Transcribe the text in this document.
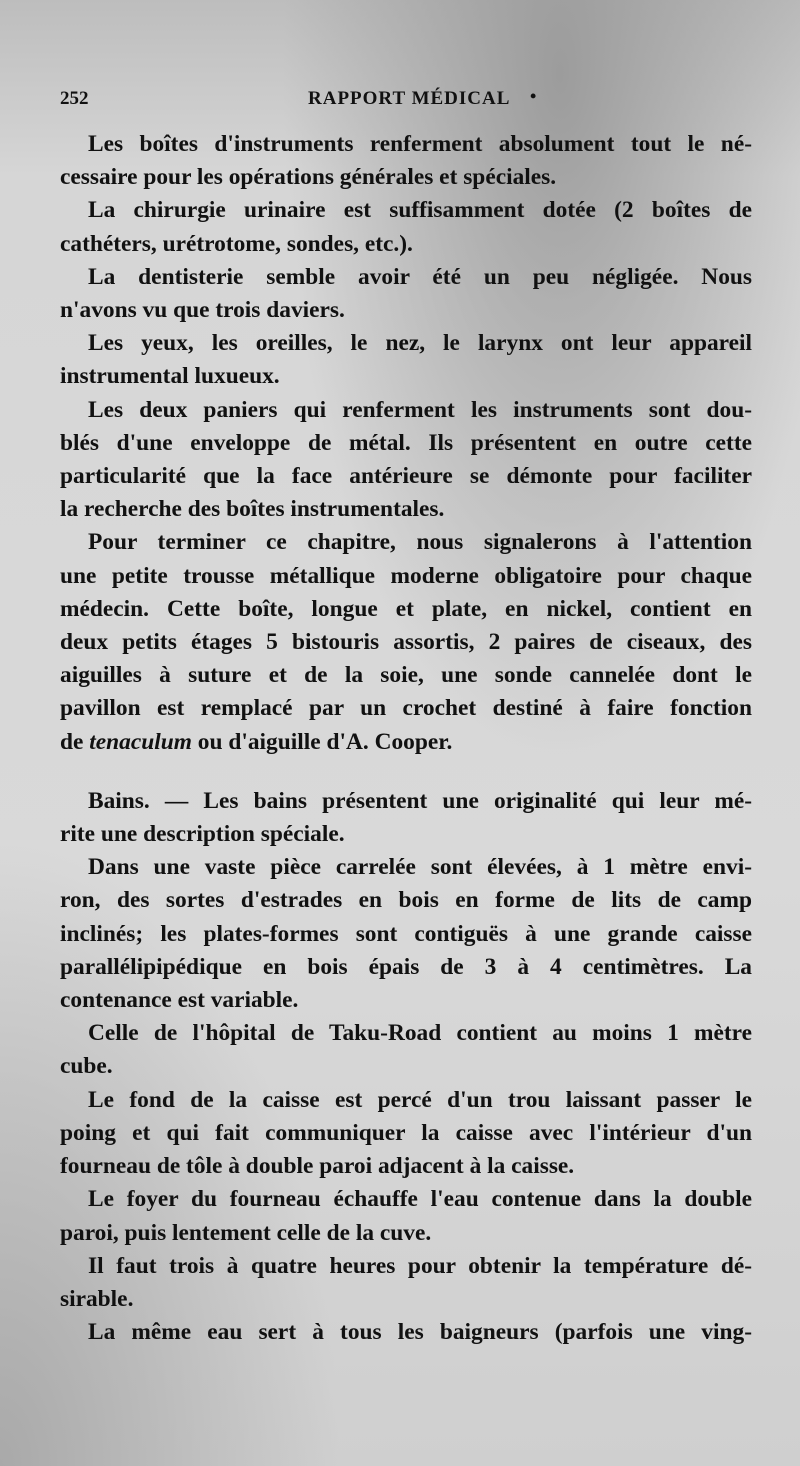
252	RAPPORT MÉDICAL •
Les boîtes d'instruments renferment absolument tout le né-
cessaire pour les opérations générales et spéciales.
La chirurgie urinaire est suffisamment dotée (2 boîtes de
cathéters, urétrotome, sondes, etc.).
La dentisterie semble avoir été un peu négligée. Nous
n'avons vu que trois daviers.
Les yeux, les oreilles, le nez, le larynx ont leur appareil
instrumental luxueux.
Les deux paniers qui renferment les instruments sont dou-
blés d'une enveloppe de métal. Ils présentent en outre cette
particularité que la face antérieure se démonte pour faciliter
la recherche des boîtes instrumentales.
Pour terminer ce chapitre, nous signalerons à l'attention
une petite trousse métallique moderne obligatoire pour chaque
médecin. Cette boîte, longue et plate, en nickel, contient en
deux petits étages 5 bistouris assortis, 2 paires de ciseaux, des
aiguilles à suture et de la soie, une sonde cannelée dont le
pavillon est remplacé par un crochet destiné à faire fonction
de tenaculum ou d'aiguille d'A. Cooper.
Bains. — Les bains présentent une originalité qui leur mé-
rite une description spéciale.
Dans une vaste pièce carrelée sont élevées, à 1 mètre envi-
ron, des sortes d'estrades en bois en forme de lits de camp
inclinés; les plates-formes sont contiguës à une grande caisse
parallélipipédique en bois épais de 3 à 4 centimètres. La
contenance est variable.
Celle de l'hôpital de Taku-Road contient au moins 1 mètre
cube.
Le fond de la caisse est percé d'un trou laissant passer le
poing et qui fait communiquer la caisse avec l'intérieur d'un
fourneau de tôle à double paroi adjacent à la caisse.
Le foyer du fourneau échauffe l'eau contenue dans la double
paroi, puis lentement celle de la cuve.
Il faut trois à quatre heures pour obtenir la température dé-
sirable.
La même eau sert à tous les baigneurs (parfois une ving-
